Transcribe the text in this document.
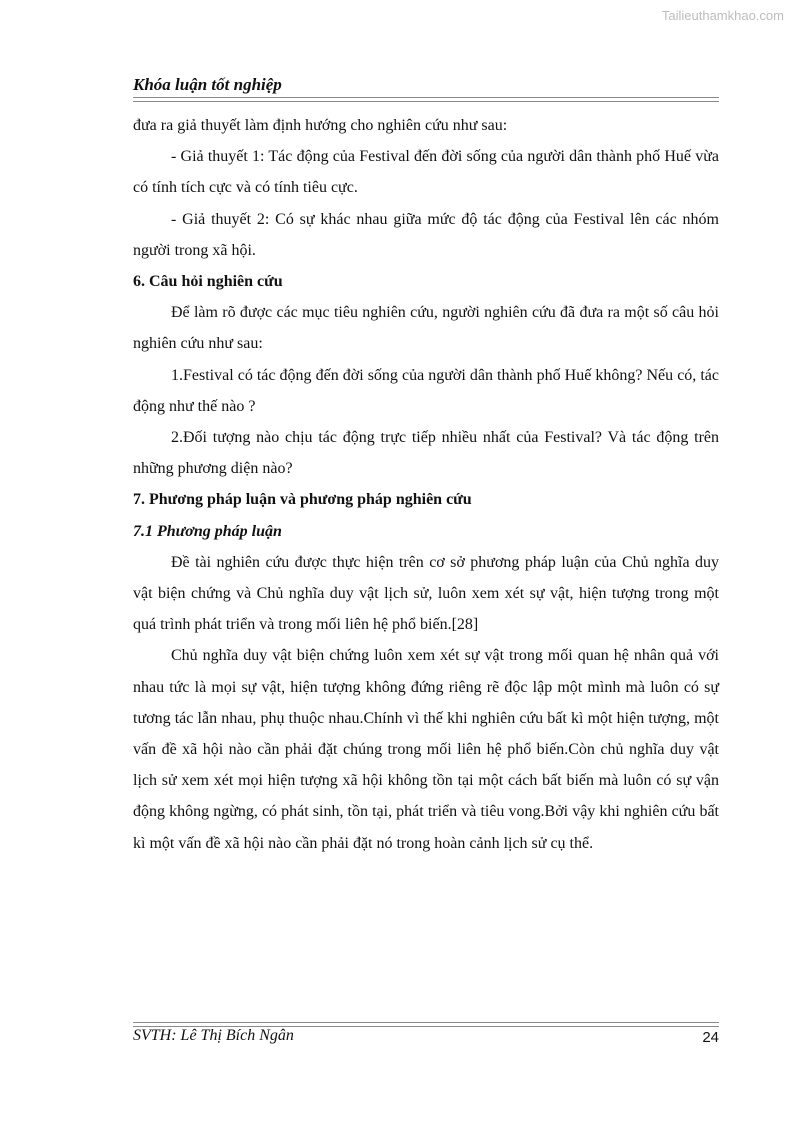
Tailieuthamkhao.com
Khóa luận tốt nghiệp

đưa ra giả thuyết làm định hướng cho nghiên cứu như sau:

- Giả thuyết 1: Tác động của Festival đến đời sống của người dân thành phố Huế vừa có tính tích cực và có tính tiêu cực.

- Giả thuyết 2: Có sự khác nhau giữa mức độ tác động của Festival lên các nhóm người trong xã hội.

6. Câu hỏi nghiên cứu

Để làm rõ được các mục tiêu nghiên cứu, người nghiên cứu đã đưa ra một số câu hỏi nghiên cứu như sau:

1.Festival có tác động đến đời sống của người dân thành phố Huế không? Nếu có, tác động như thế nào ?

2.Đối tượng nào chịu tác động trực tiếp nhiều nhất của Festival? Và tác động trên những phương diện nào?

7. Phương pháp luận và phương pháp nghiên cứu

7.1 Phương pháp luận

Đề tài nghiên cứu được thực hiện trên cơ sở phương pháp luận của Chủ nghĩa duy vật biện chứng và Chủ nghĩa duy vật lịch sử, luôn xem xét sự vật, hiện tượng trong một quá trình phát triển và trong mối liên hệ phổ biến.[28]

Chủ nghĩa duy vật biện chứng luôn xem xét sự vật trong mối quan hệ nhân quả với nhau tức là mọi sự vật, hiện tượng không đứng riêng rẽ độc lập một mình mà luôn có sự tương tác lẫn nhau, phụ thuộc nhau.Chính vì thế khi nghiên cứu bất kì một hiện tượng, một vấn đề xã hội nào cần phải đặt chúng trong mối liên hệ phổ biến.Còn chủ nghĩa duy vật lịch sử xem xét mọi hiện tượng xã hội không tồn tại một cách bất biến mà luôn có sự vận động không ngừng, có phát sinh, tồn tại, phát triển và tiêu vong.Bởi vậy khi nghiên cứu bất kì một vấn đề xã hội nào cần phải đặt nó trong hoàn cảnh lịch sử cụ thể.

SVTH: Lê Thị Bích Ngân	24
